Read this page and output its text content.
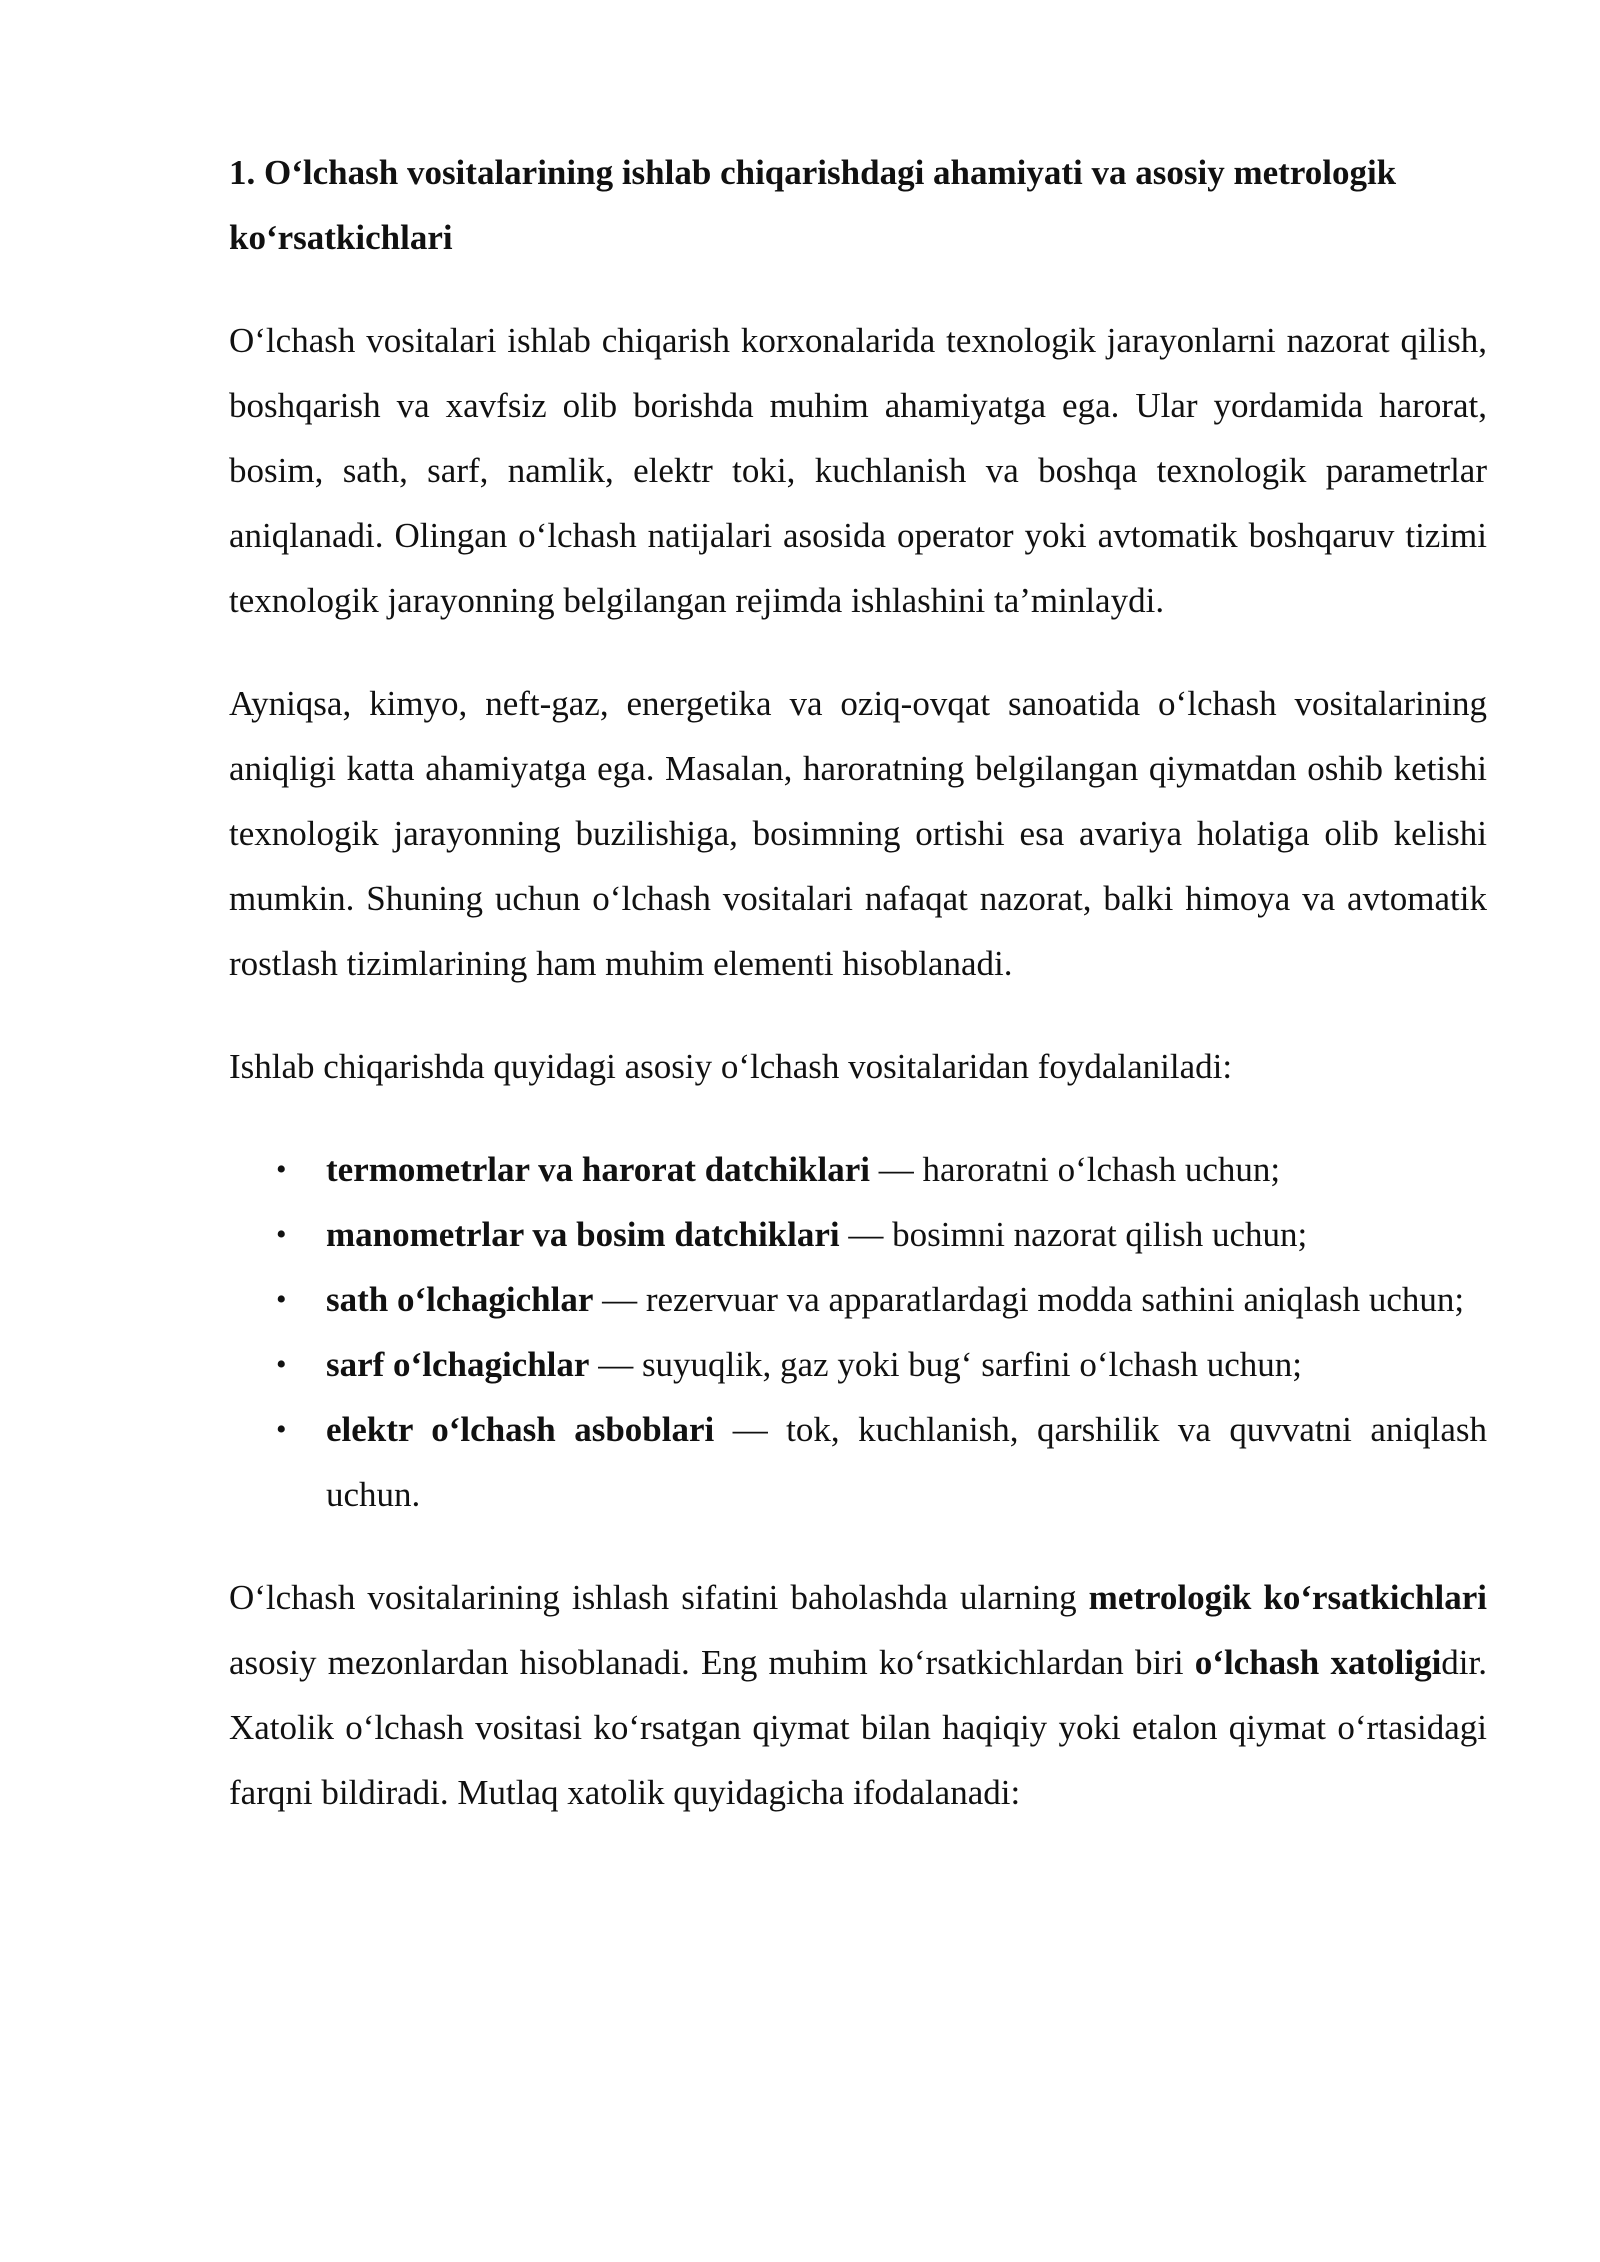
1. O‘lchash vositalarining ishlab chiqarishdagi ahamiyati va asosiy metrologik ko‘rsatkichlari

O‘lchash vositalari ishlab chiqarish korxonalarida texnologik jarayonlarni nazorat qilish, boshqarish va xavfsiz olib borishda muhim ahamiyatga ega. Ular yordamida harorat, bosim, sath, sarf, namlik, elektr toki, kuchlanish va boshqa texnologik parametrlar aniqlanadi. Olingan o‘lchash natijalari asosida operator yoki avtomatik boshqaruv tizimi texnologik jarayonning belgilangan rejimda ishlashini ta’minlaydi.

Ayniqsa, kimyo, neft-gaz, energetika va oziq-ovqat sanoatida o‘lchash vositalarining aniqligi katta ahamiyatga ega. Masalan, haroratning belgilangan qiymatdan oshib ketishi texnologik jarayonning buzilishiga, bosimning ortishi esa avariya holatiga olib kelishi mumkin. Shuning uchun o‘lchash vositalari nafaqat nazorat, balki himoya va avtomatik rostlash tizimlarining ham muhim elementi hisoblanadi.

Ishlab chiqarishda quyidagi asosiy o‘lchash vositalaridan foydalaniladi:

• termometrlar va harorat datchiklari — haroratni o‘lchash uchun;
• manometrlar va bosim datchiklari — bosimni nazorat qilish uchun;
• sath o‘lchagichlar — rezervuar va apparatlardagi modda sathini aniqlash uchun;
• sarf o‘lchagichlar — suyuqlik, gaz yoki bug‘ sarfini o‘lchash uchun;
• elektr o‘lchash asboblari — tok, kuchlanish, qarshilik va quvvatni aniqlash uchun.

O‘lchash vositalarining ishlash sifatini baholashda ularning metrologik ko‘rsatkichlari asosiy mezonlardan hisoblanadi. Eng muhim ko‘rsatkichlardan biri o‘lchash xatoligidir. Xatolik o‘lchash vositasi ko‘rsatgan qiymat bilan haqiqiy yoki etalon qiymat o‘rtasidagi farqni bildiradi. Mutlaq xatolik quyidagicha ifodalanadi:
